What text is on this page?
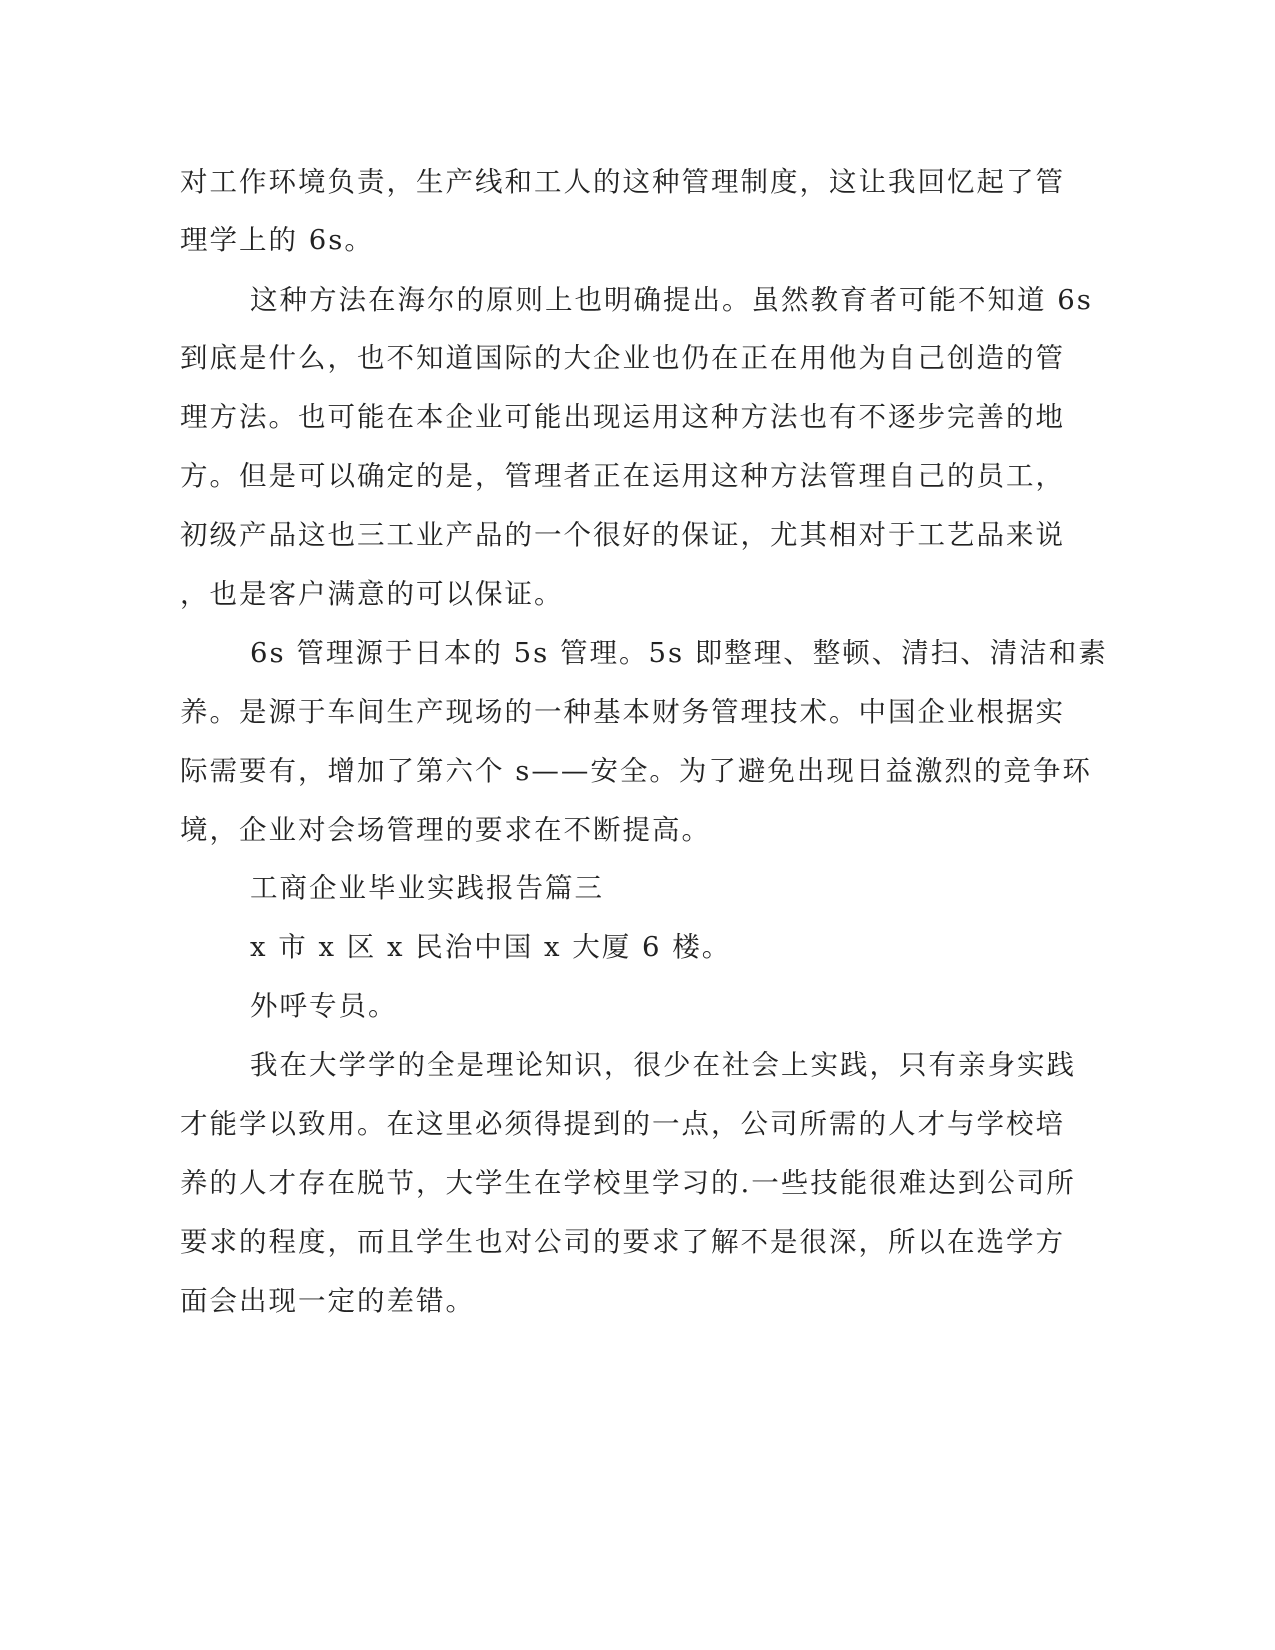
对工作环境负责，生产线和工人的这种管理制度，这让我回忆起了管
理学上的 6s。
这种方法在海尔的原则上也明确提出。虽然教育者可能不知道 6s
到底是什么，也不知道国际的大企业也仍在正在用他为自己创造的管
理方法。也可能在本企业可能出现运用这种方法也有不逐步完善的地
方。但是可以确定的是，管理者正在运用这种方法管理自己的员工，
初级产品这也三工业产品的一个很好的保证，尤其相对于工艺品来说
，也是客户满意的可以保证。
6s 管理源于日本的 5s 管理。5s 即整理、整顿、清扫、清洁和素
养。是源于车间生产现场的一种基本财务管理技术。中国企业根据实
际需要有，增加了第六个 s——安全。为了避免出现日益激烈的竞争环
境，企业对会场管理的要求在不断提高。
工商企业毕业实践报告篇三
x 市 x 区 x 民治中国 x 大厦 6 楼。
外呼专员。
我在大学学的全是理论知识，很少在社会上实践，只有亲身实践
才能学以致用。在这里必须得提到的一点，公司所需的人才与学校培
养的人才存在脱节，大学生在学校里学习的.一些技能很难达到公司所
要求的程度，而且学生也对公司的要求了解不是很深，所以在选学方
面会出现一定的差错。
